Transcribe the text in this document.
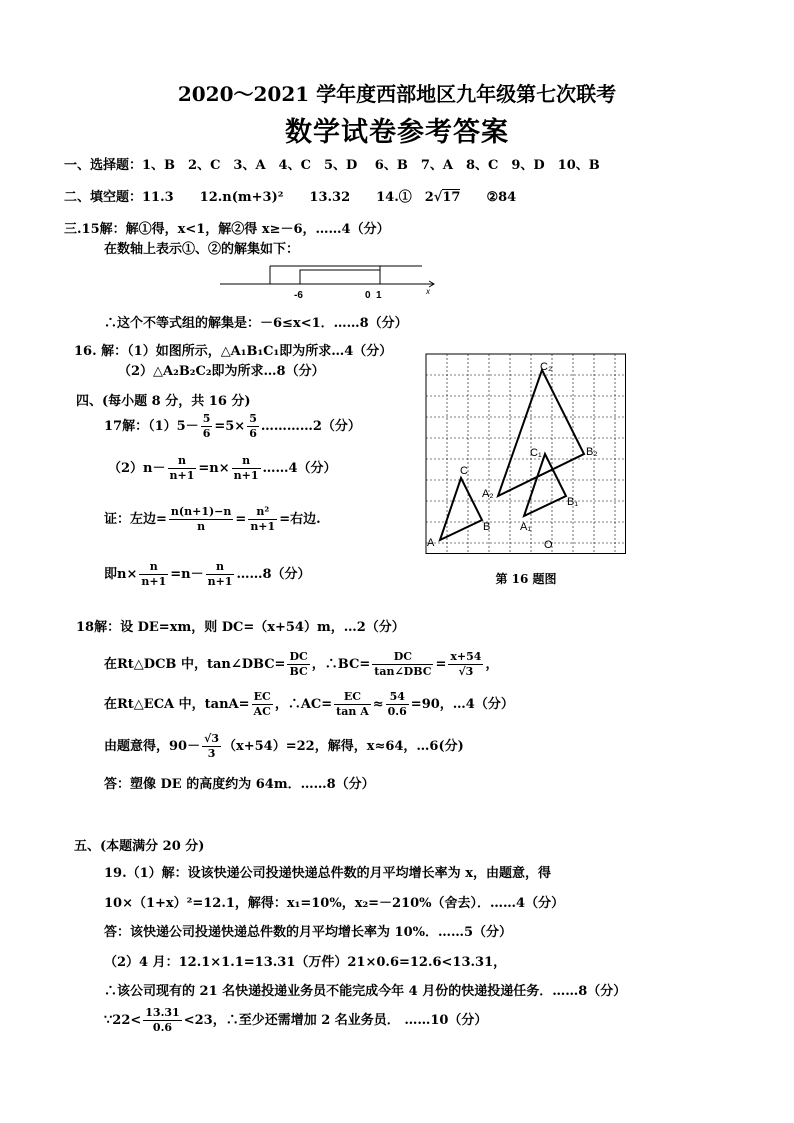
2020～2021 学年度西部地区九年级第七次联考
数学试卷参考答案
一、选择题：1、B　2、C　3、A　4、C　5、D　 6、B　7、A　8、C　9、D　10、B
二、填空题：11.3　　12.n(m+3)²　　13.32　　14.①　2√17 ②84
三.15解：解①得，x<1，解②得 x≥－6，……4（分）
在数轴上表示①、②的解集如下：
-6	0 1	x
∴这个不等式组的解集是：－6≤x<1．……8（分）
16. 解：（1）如图所示，△A₁B₁C₁即为所求…4（分）
（2）△A₂B₂C₂即为所求…8（分）
A
B
C
A₁
B₁
C₁
A₂
B₂
C₂
O
第 16 题图
四、(每小题 8 分，共 16 分)
17解：$(1)5- \frac{5}{6} =5\times \frac{5}{6}$ …………2（分）
$(2)n- \frac{n}{n+1} =n\times \frac{n}{n+1}$ ……4（分）
证：左边= $\frac{n(n+1)-n}{n} = \frac{\text{n²}}{n+1}$ =右边.
即$n\times \frac{n}{n+1} =n- \frac{n}{n+1}$ ……8（分）
18解：设 DE=xm，则 DC=（x+54）m，…2（分）
在Rt△DCB 中，tan∠DBC= $\frac{DC}{BC}$ ，∴BC=
DC
tan∠DBC = $\frac{x+54}{√3}$ ，
在Rt△ECA 中，$\tan A= \frac{EC}{AC}$ ，∴AC= $\frac{EC}{\text{tan A}} \approx \frac{54}{0.6} =90$，…4（分）
由题意得，$90- \frac{√3}{3} (x+54)=22$，解得，x≈64，…6(分)
答：塑像 DE 的高度约为 64m．……8（分）
五、(本题满分 20 分)
19.（1）解：设该快递公司投递快递总件数的月平均增长率为 x，由题意，得
10×（1+x）²=12.1，解得：x₁=10%，x₂=－210%（舍去）．……4（分）
答：该快递公司投递快递总件数的月平均增长率为 10%．……5（分）
（2）4 月：12.1×1.1=13.31（万件）21×0.6=12.6<13.31，
∴该公司现有的 21 名快递投递业务员不能完成今年 4 月份的快递投递任务．……8（分）
∵22< $\frac{13.31}{0.6} <23$，∴至少还需增加 2 名业务员． ……10（分）
